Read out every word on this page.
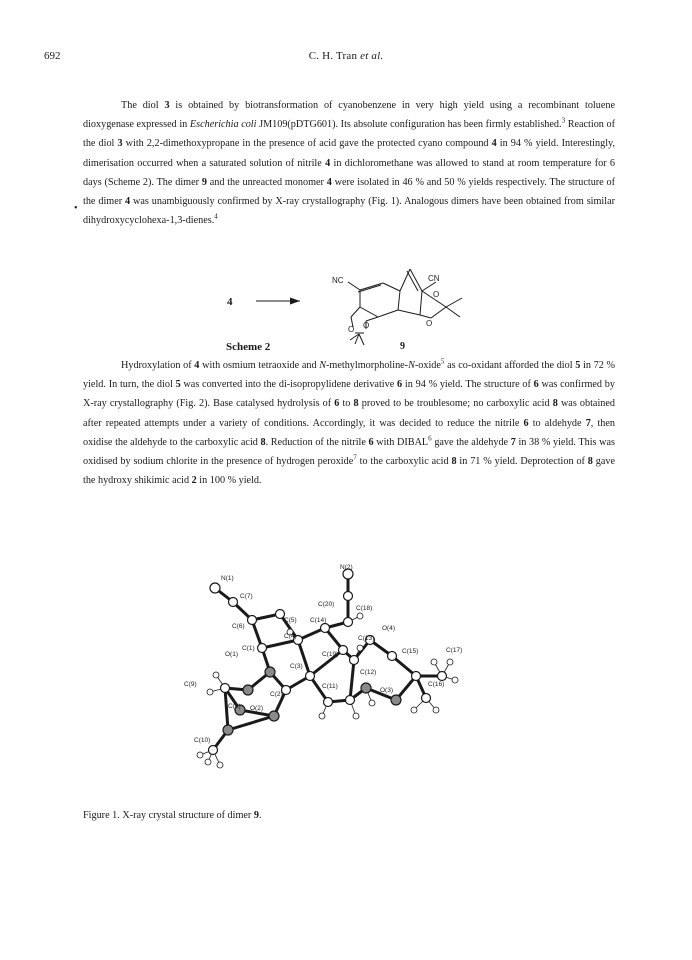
692	C. H. Tran et al.

The diol 3 is obtained by biotransformation of cyanobenzene in very high yield using a recombinant toluene dioxygenase expressed in Escherichia coli JM109(pDTG601). Its absolute configuration has been firmly established.$^3$ Reaction of the diol 3 with 2,2-dimethoxypropane in the presence of acid gave the protected cyano compound 4 in 94 % yield. Interestingly, dimerisation occurred when a saturated solution of nitrile 4 in dichloromethane was allowed to stand at room temperature for 6 days (Scheme 2). The dimer 9 and the unreacted monomer 4 were isolated in 46 % and 50 % yields respectively. The structure of the dimer 4 was unambiguously confirmed by X-ray crystallography (Fig. 1). Analogous dimers have been obtained from similar dihydroxycyclohexa-1,3-dienes.$^4$

•
4
NC	CN
O
O
O O
Scheme 2	9

Hydroxylation of 4 with osmium tetraoxide and N-methylmorpholine-N-oxide$^5$ as co-oxidant afforded the diol 5 in 72 % yield. In turn, the diol 5 was converted into the di-isopropylidene derivative 6 in 94 % yield. The structure of 6 was confirmed by X-ray crystallography (Fig. 2). Base catalysed hydrolysis of 6 to 8 proved to be troublesome; no carboxylic acid 8 was obtained after repeated attempts under a variety of conditions. Accordingly, it was decided to reduce the nitrile 6 to aldehyde 7, then oxidise the aldehyde to the carboxylic acid 8. Reduction of the nitrile 6 with DIBAL$^6$ gave the aldehyde 7 in 38 % yield. This was oxidised by sodium chlorite in the presence of hydrogen peroxide$^7$ to the carboxylic acid 8 in 71 % yield. Deprotection of 8 gave the hydroxy shikimic acid 2 in 100 % yield.

N(1)
N(2)
C(7)
C(20)
C(5)
C(18)
C(6)
C(14)
C(4)
O(4)
C(13)
C(1)
O(1)	C(19)	C(15)	C(17)
C(3)
C(9)
C(12)
C(16)
C(11)
O(3)
C(2)
C(8) O(2)
C(10)
Figure 1. X-ray crystal structure of dimer 9.
